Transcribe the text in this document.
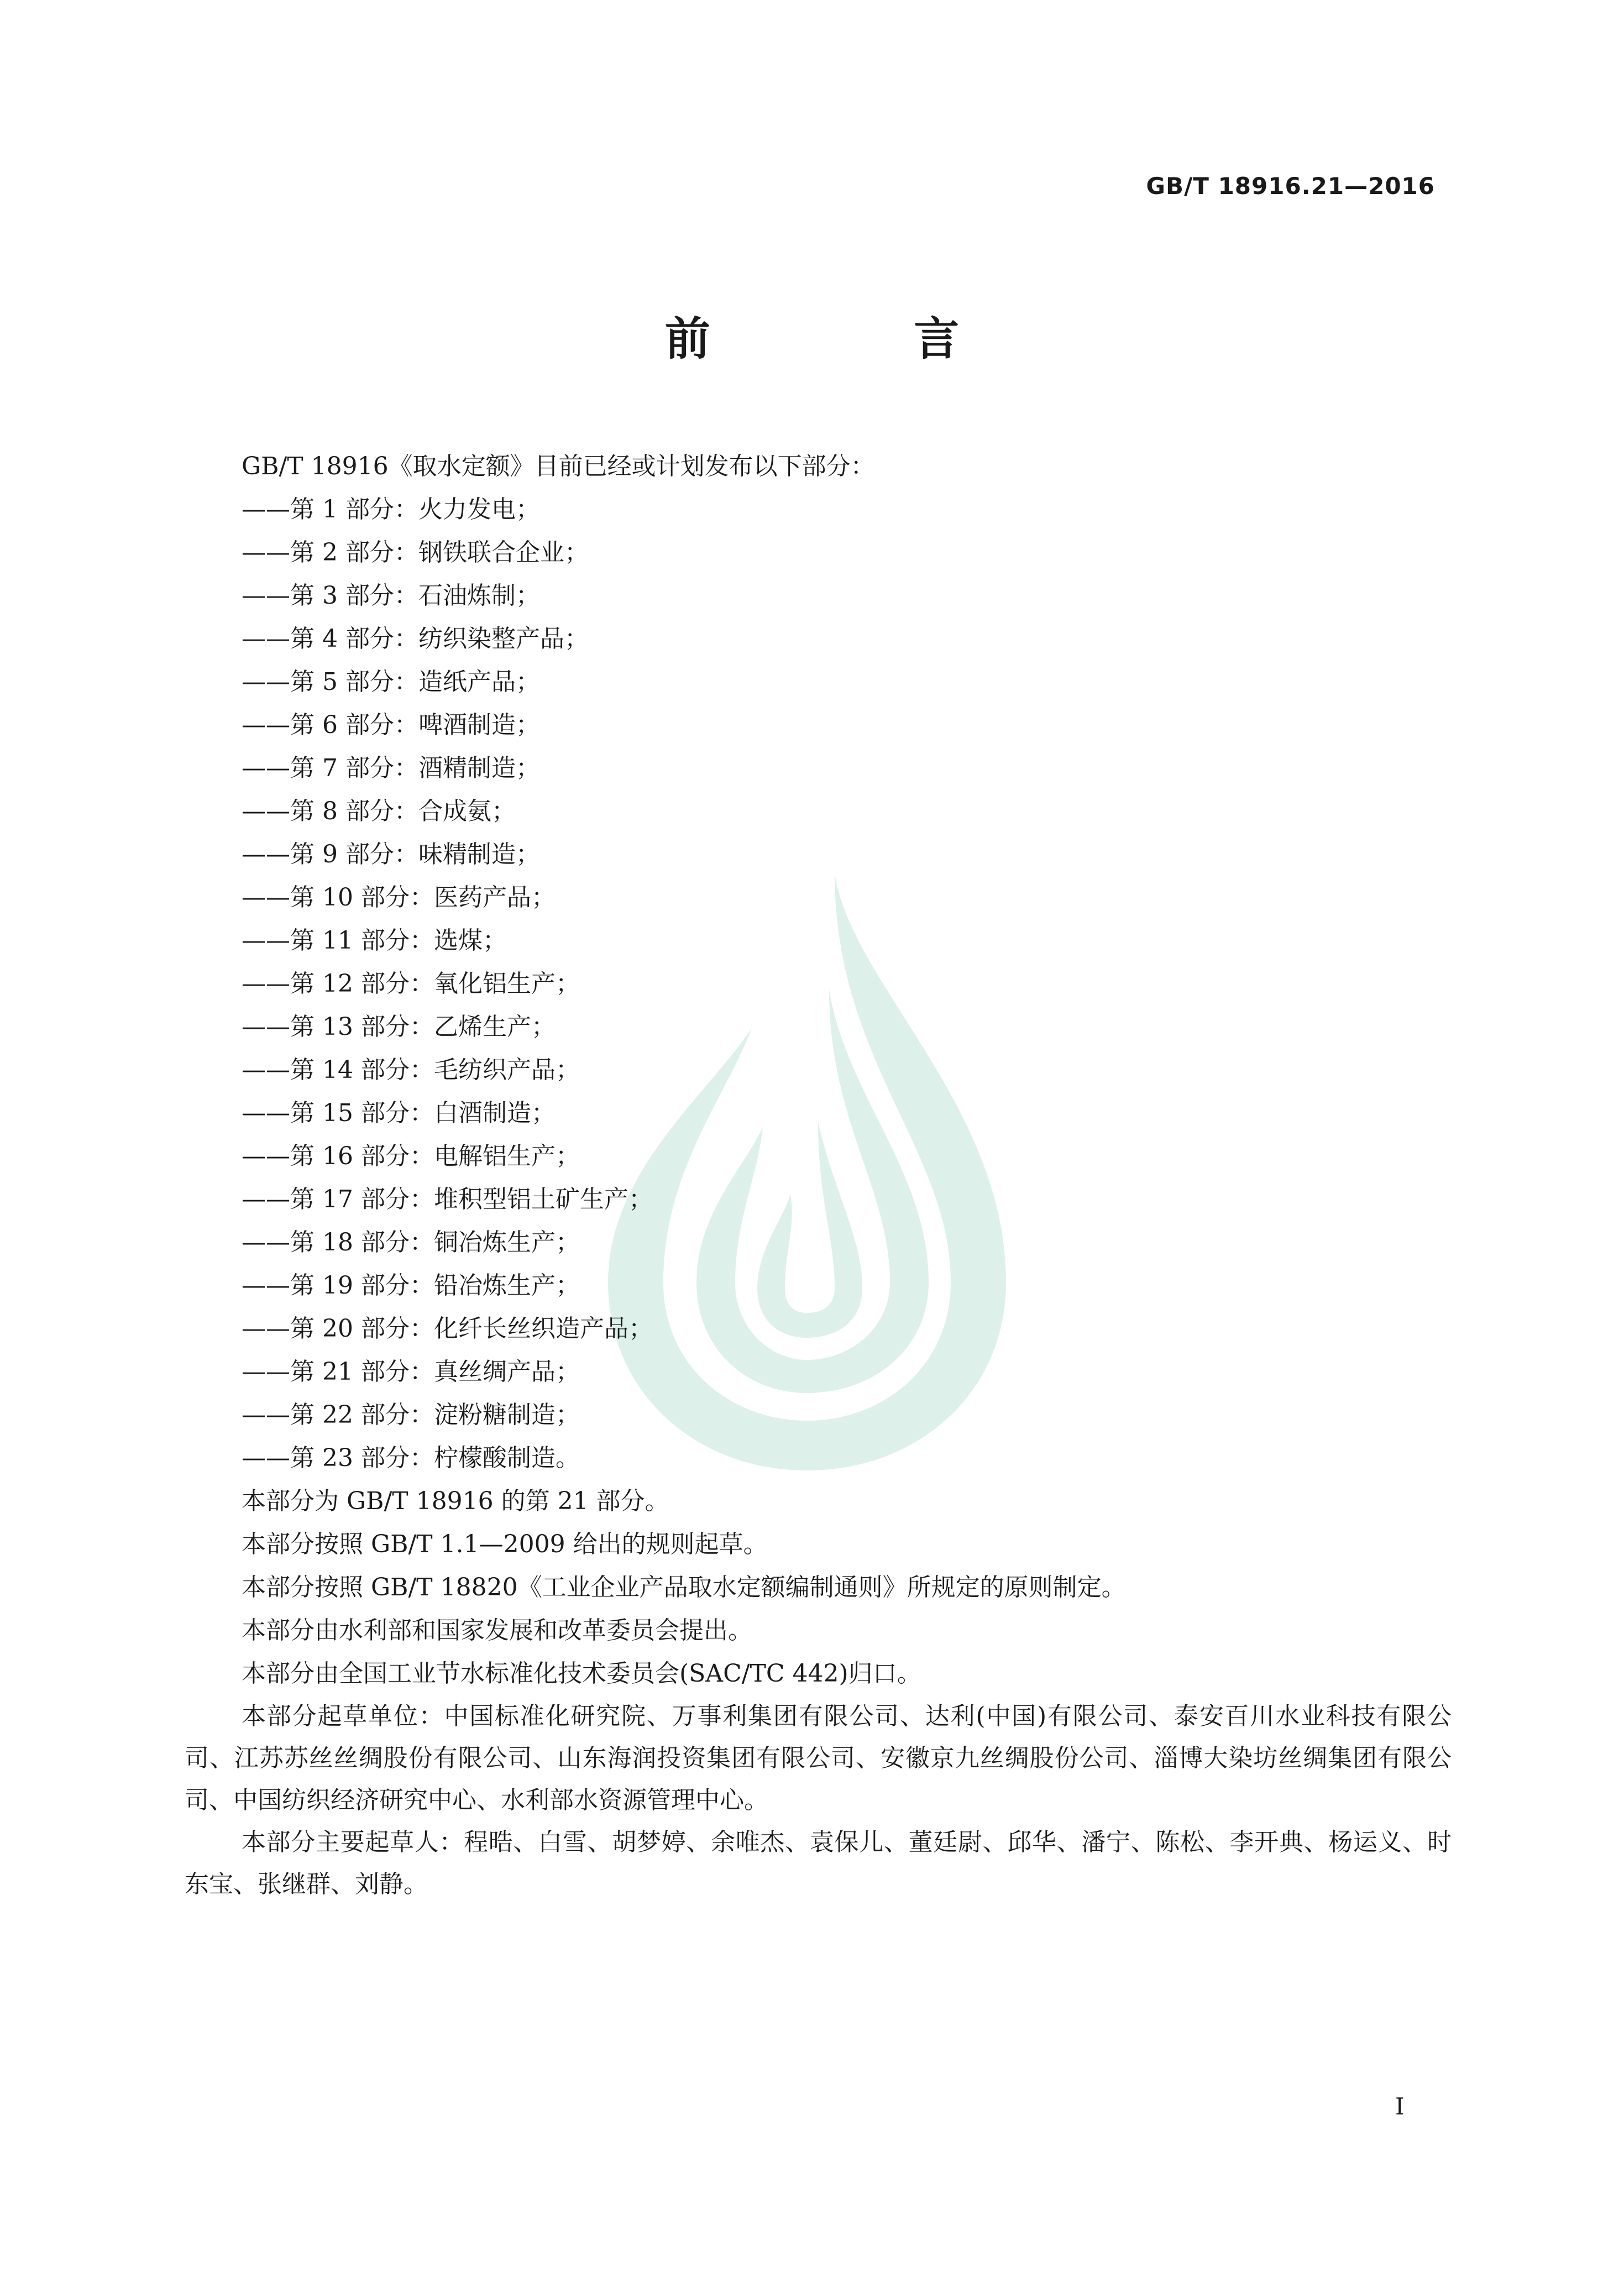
GB/T 18916.21—2016
前 言
GB/T 18916《取水定额》目前已经或计划发布以下部分：
——第 1 部分：火力发电；
——第 2 部分：钢铁联合企业；
——第 3 部分：石油炼制；
——第 4 部分：纺织染整产品；
——第 5 部分：造纸产品；
——第 6 部分：啤酒制造；
——第 7 部分：酒精制造；
——第 8 部分：合成氨；
——第 9 部分：味精制造；
——第 10 部分：医药产品；
——第 11 部分：选煤；
——第 12 部分：氧化铝生产；
——第 13 部分：乙烯生产；
——第 14 部分：毛纺织产品；
——第 15 部分：白酒制造；
——第 16 部分：电解铝生产；
——第 17 部分：堆积型铝土矿生产；
——第 18 部分：铜冶炼生产；
——第 19 部分：铅冶炼生产；
——第 20 部分：化纤长丝织造产品；
——第 21 部分：真丝绸产品；
——第 22 部分：淀粉糖制造；
——第 23 部分：柠檬酸制造。
本部分为 GB/T 18916 的第 21 部分。
本部分按照 GB/T 1.1—2009 给出的规则起草。
本部分按照 GB/T 18820《工业企业产品取水定额编制通则》所规定的原则制定。
本部分由水利部和国家发展和改革委员会提出。
本部分由全国工业节水标准化技术委员会(SAC/TC 442)归口。

本部分起草单位：中国标准化研究院、万事利集团有限公司、达利(中国)有限公司、泰安百川水业科技有限公司、江苏苏丝丝绸股份有限公司、山东海润投资集团有限公司、安徽京九丝绸股份公司、淄博大染坊丝绸集团有限公司、中国纺织经济研究中心、水利部水资源管理中心。

本部分主要起草人：程晧、白雪、胡梦婷、余唯杰、袁保儿、董廷尉、邱华、潘宁、陈松、李开典、杨运义、时东宝、张继群、刘静。

I
